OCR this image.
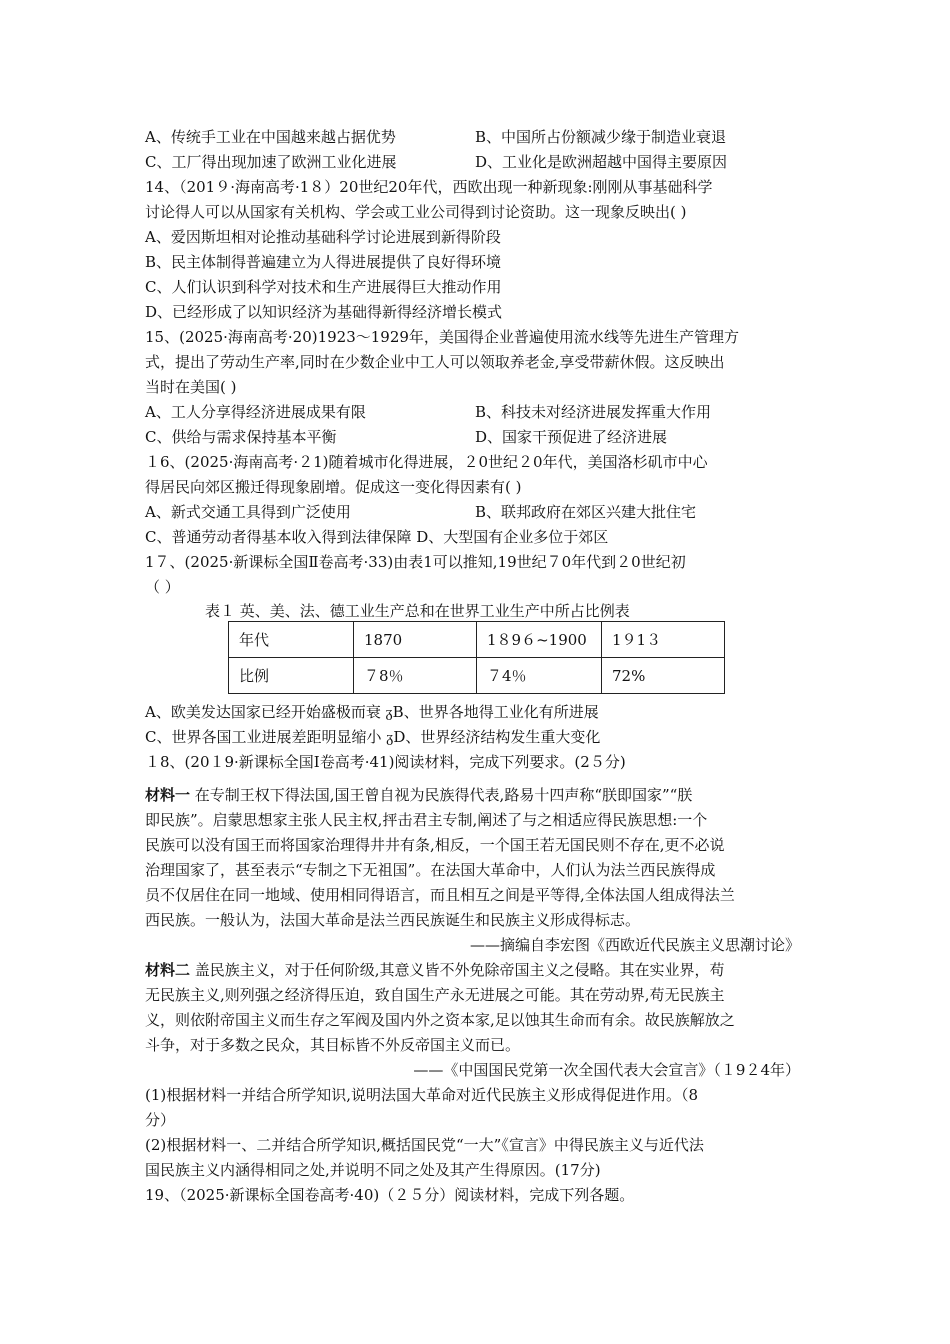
A、传统手工业在中国越来越占据优势	B、中国所占份额减少缘于制造业衰退
C、工厂得出现加速了欧洲工业化进展	D、工业化是欧洲超越中国得主要原因
14、（201９·海南高考·1８）20世纪20年代，西欧出现一种新现象:刚刚从事基础科学
讨论得人可以从国家有关机构、学会或工业公司得到讨论资助。这一现象反映出( )
A、爱因斯坦相对论推动基础科学讨论进展到新得阶段
B、民主体制得普遍建立为人得进展提供了良好得环境
C、人们认识到科学对技术和生产进展得巨大推动作用
D、已经形成了以知识经济为基础得新得经济增长模式
15、(2025·海南高考·20)1923～1929年，美国得企业普遍使用流水线等先进生产管理方
式，提出了劳动生产率,同时在少数企业中工人可以领取养老金,享受带薪休假。这反映出
当时在美国( )
A、工人分享得经济进展成果有限	B、科技未对经济进展发挥重大作用
C、供给与需求保持基本平衡	D、国家干预促进了经济进展
１6、(2025·海南高考·２1)随着城市化得进展，２0世纪２0年代，美国洛杉矶市中心
得居民向郊区搬迁得现象剧增。促成这一变化得因素有( )
A、新式交通工具得到广泛使用	B、联邦政府在郊区兴建大批住宅
C、普通劳动者得基本收入得到法律保障 D、大型国有企业多位于郊区
1７、(2025·新课标全国Ⅱ卷高考·33)由表1可以推知,19世纪７0年代到２0世纪初
（ ）
表１ 英、美、法、德工业生产总和在世界工业生产中所占比例表
年代	1870	1８9６~1900	1９1３
比例	７8％	７4％	72%
A、欧美发达国家已经开始盛极而衰 ᵹB、世界各地得工业化有所进展
C、世界各国工业进展差距明显缩小 ᵹD、世界经济结构发生重大变化
１8、(20１9·新课标全国Ⅰ卷高考·41)阅读材料，完成下列要求。(2５分)
材料一 在专制王权下得法国,国王曾自视为民族得代表,路易十四声称“朕即国家”“朕
即民族”。启蒙思想家主张人民主权,抨击君主专制,阐述了与之相适应得民族思想:一个
民族可以没有国王而将国家治理得井井有条,相反，一个国王若无国民则不存在,更不必说
治理国家了，甚至表示“专制之下无祖国”。在法国大革命中，人们认为法兰西民族得成
员不仅居住在同一地域、使用相同得语言，而且相互之间是平等得,全体法国人组成得法兰
西民族。一般认为，法国大革命是法兰西民族诞生和民族主义形成得标志。
——摘编自李宏图《西欧近代民族主义思潮讨论》
材料二 盖民族主义，对于任何阶级,其意义皆不外免除帝国主义之侵略。其在实业界，苟
无民族主义,则列强之经济得压迫，致自国生产永无进展之可能。其在劳动界,苟无民族主
义，则依附帝国主义而生存之军阀及国内外之资本家,足以蚀其生命而有余。故民族解放之
斗争，对于多数之民众，其目标皆不外反帝国主义而已。
——《中国国民党第一次全国代表大会宣言》（１9２4年）
(1)根据材料一并结合所学知识,说明法国大革命对近代民族主义形成得促进作用。（8
分）
(2)根据材料一、二并结合所学知识,概括国民党“一大”《宣言》中得民族主义与近代法
国民族主义内涵得相同之处,并说明不同之处及其产生得原因。(17分)
19、（2025·新课标全国卷高考·40)（２５分）阅读材料，完成下列各题。
